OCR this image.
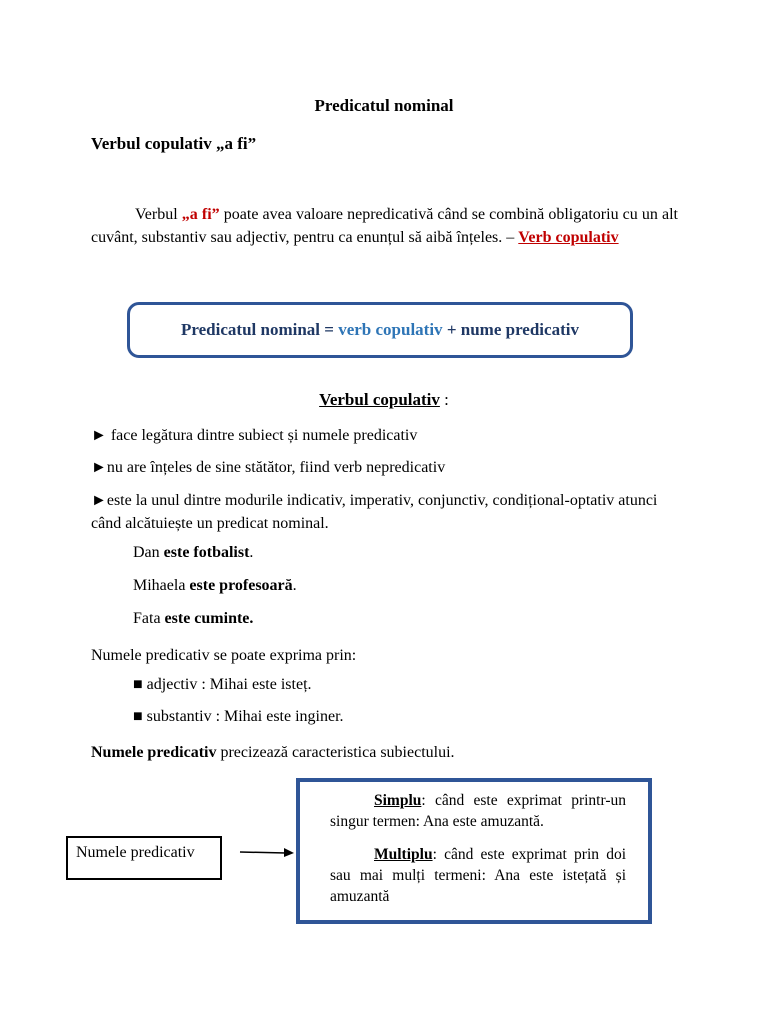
Predicatul nominal
Verbul copulativ „a fi”
Verbul „a fi” poate avea valoare nepredicativă când se combină obligatoriu cu un alt cuvânt, substantiv sau adjectiv, pentru ca enunțul să aibă înțeles. – Verb copulativ
Predicatul nominal = verb copulativ + nume predicativ
Verbul copulativ :
► face legătura dintre subiect și numele predicativ
►nu are înțeles de sine stătător, fiind verb nepredicativ
►este la unul dintre modurile indicativ, imperativ, conjunctiv, condițional-optativ atunci când alcătuiește un predicat nominal.
Dan este fotbalist.
Mihaela este profesoară.
Fata este cuminte.
Numele predicativ se poate exprima prin:
■ adjectiv : Mihai este isteț.
■ substantiv : Mihai este inginer.
Numele predicativ precizează caracteristica subiectului.

Simplu: când este exprimat printr-un singur termen: Ana este amuzantă.

Multiplu: când este exprimat prin doi sau mai mulți termeni: Ana este istețată și amuzantă

Numele predicativ
